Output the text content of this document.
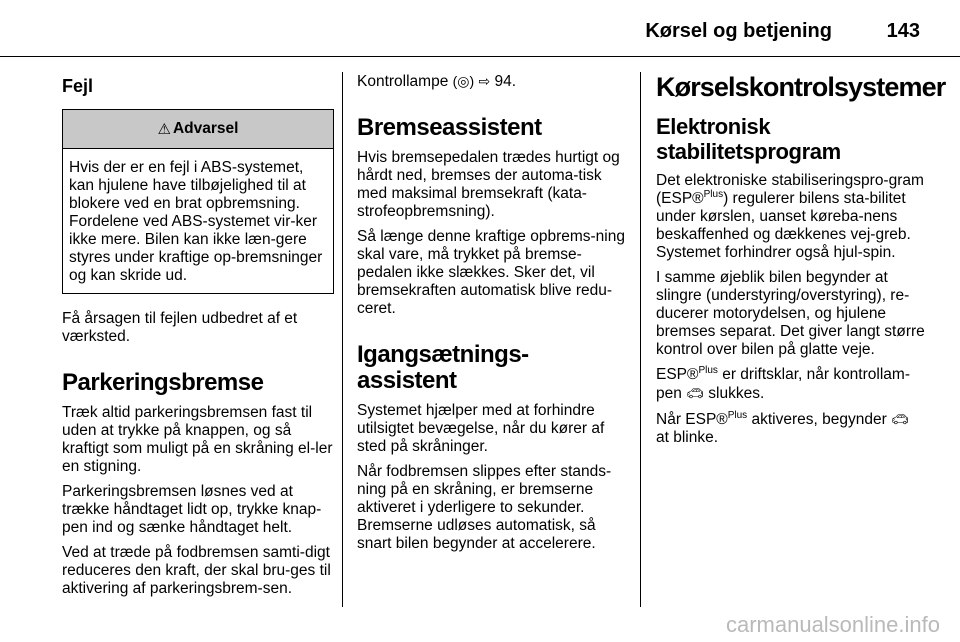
Kørsel og betjening	143
Fejl
⚠ Advarsel

Hvis der er en fejl i ABS-systemet, kan hjulene have tilbøjelighed til at blokere ved en brat opbremsning. Fordelene ved ABS-systemet vir-ker ikke mere. Bilen kan ikke læn-gere styres under kraftige op-bremsninger og kan skride ud.

Få årsagen til fejlen udbedret af et værksted.

Parkeringsbremse

Træk altid parkeringsbremsen fast til uden at trykke på knappen, og så kraftigt som muligt på en skråning el-ler en stigning.

Parkeringsbremsen løsnes ved at trække håndtaget lidt op, trykke knap-pen ind og sænke håndtaget helt.

Ved at træde på fodbremsen samti-digt reduceres den kraft, der skal bru-ges til aktivering af parkeringsbrem-sen.

Kontrollampe (◎) ⇨ 94.

Bremseassistent

Hvis bremsepedalen trædes hurtigt og hårdt ned, bremses der automa-tisk med maksimal bremsekraft (kata-strofeopbremsning).

Så længe denne kraftige opbrems-ning skal vare, må trykket på bremse-pedalen ikke slækkes. Sker det, vil bremsekraften automatisk blive redu-ceret.

Igangsætnings-assistent

Systemet hjælper med at forhindre utilsigtet bevægelse, når du kører af sted på skråninger.

Når fodbremsen slippes efter stands-ning på en skråning, er bremserne aktiveret i yderligere to sekunder. Bremserne udløses automatisk, så snart bilen begynder at accelerere.

Kørselskontrolsystemer
Elektronisk stabilitetsprogram

Det elektroniske stabiliseringspro-gram (ESP®$^{Plus}$) regulerer bilens sta-bilitet under kørslen, uanset køreba-nens beskaffenhed og dækkenes vej-greb. Systemet forhindrer også hjul-spin.

I samme øjeblik bilen begynder at slingre (understyring/overstyring), re-ducerer motorydelsen, og hjulene bremses separat. Det giver langt større kontrol over bilen på glatte veje.

ESP®$^{Plus}$ er driftsklar, når kontrollam-pen 🚗︎ slukkes.

Når ESP®$^{Plus}$ aktiveres, begynder 🚗︎
at blinke.

carmanualsonline.info
